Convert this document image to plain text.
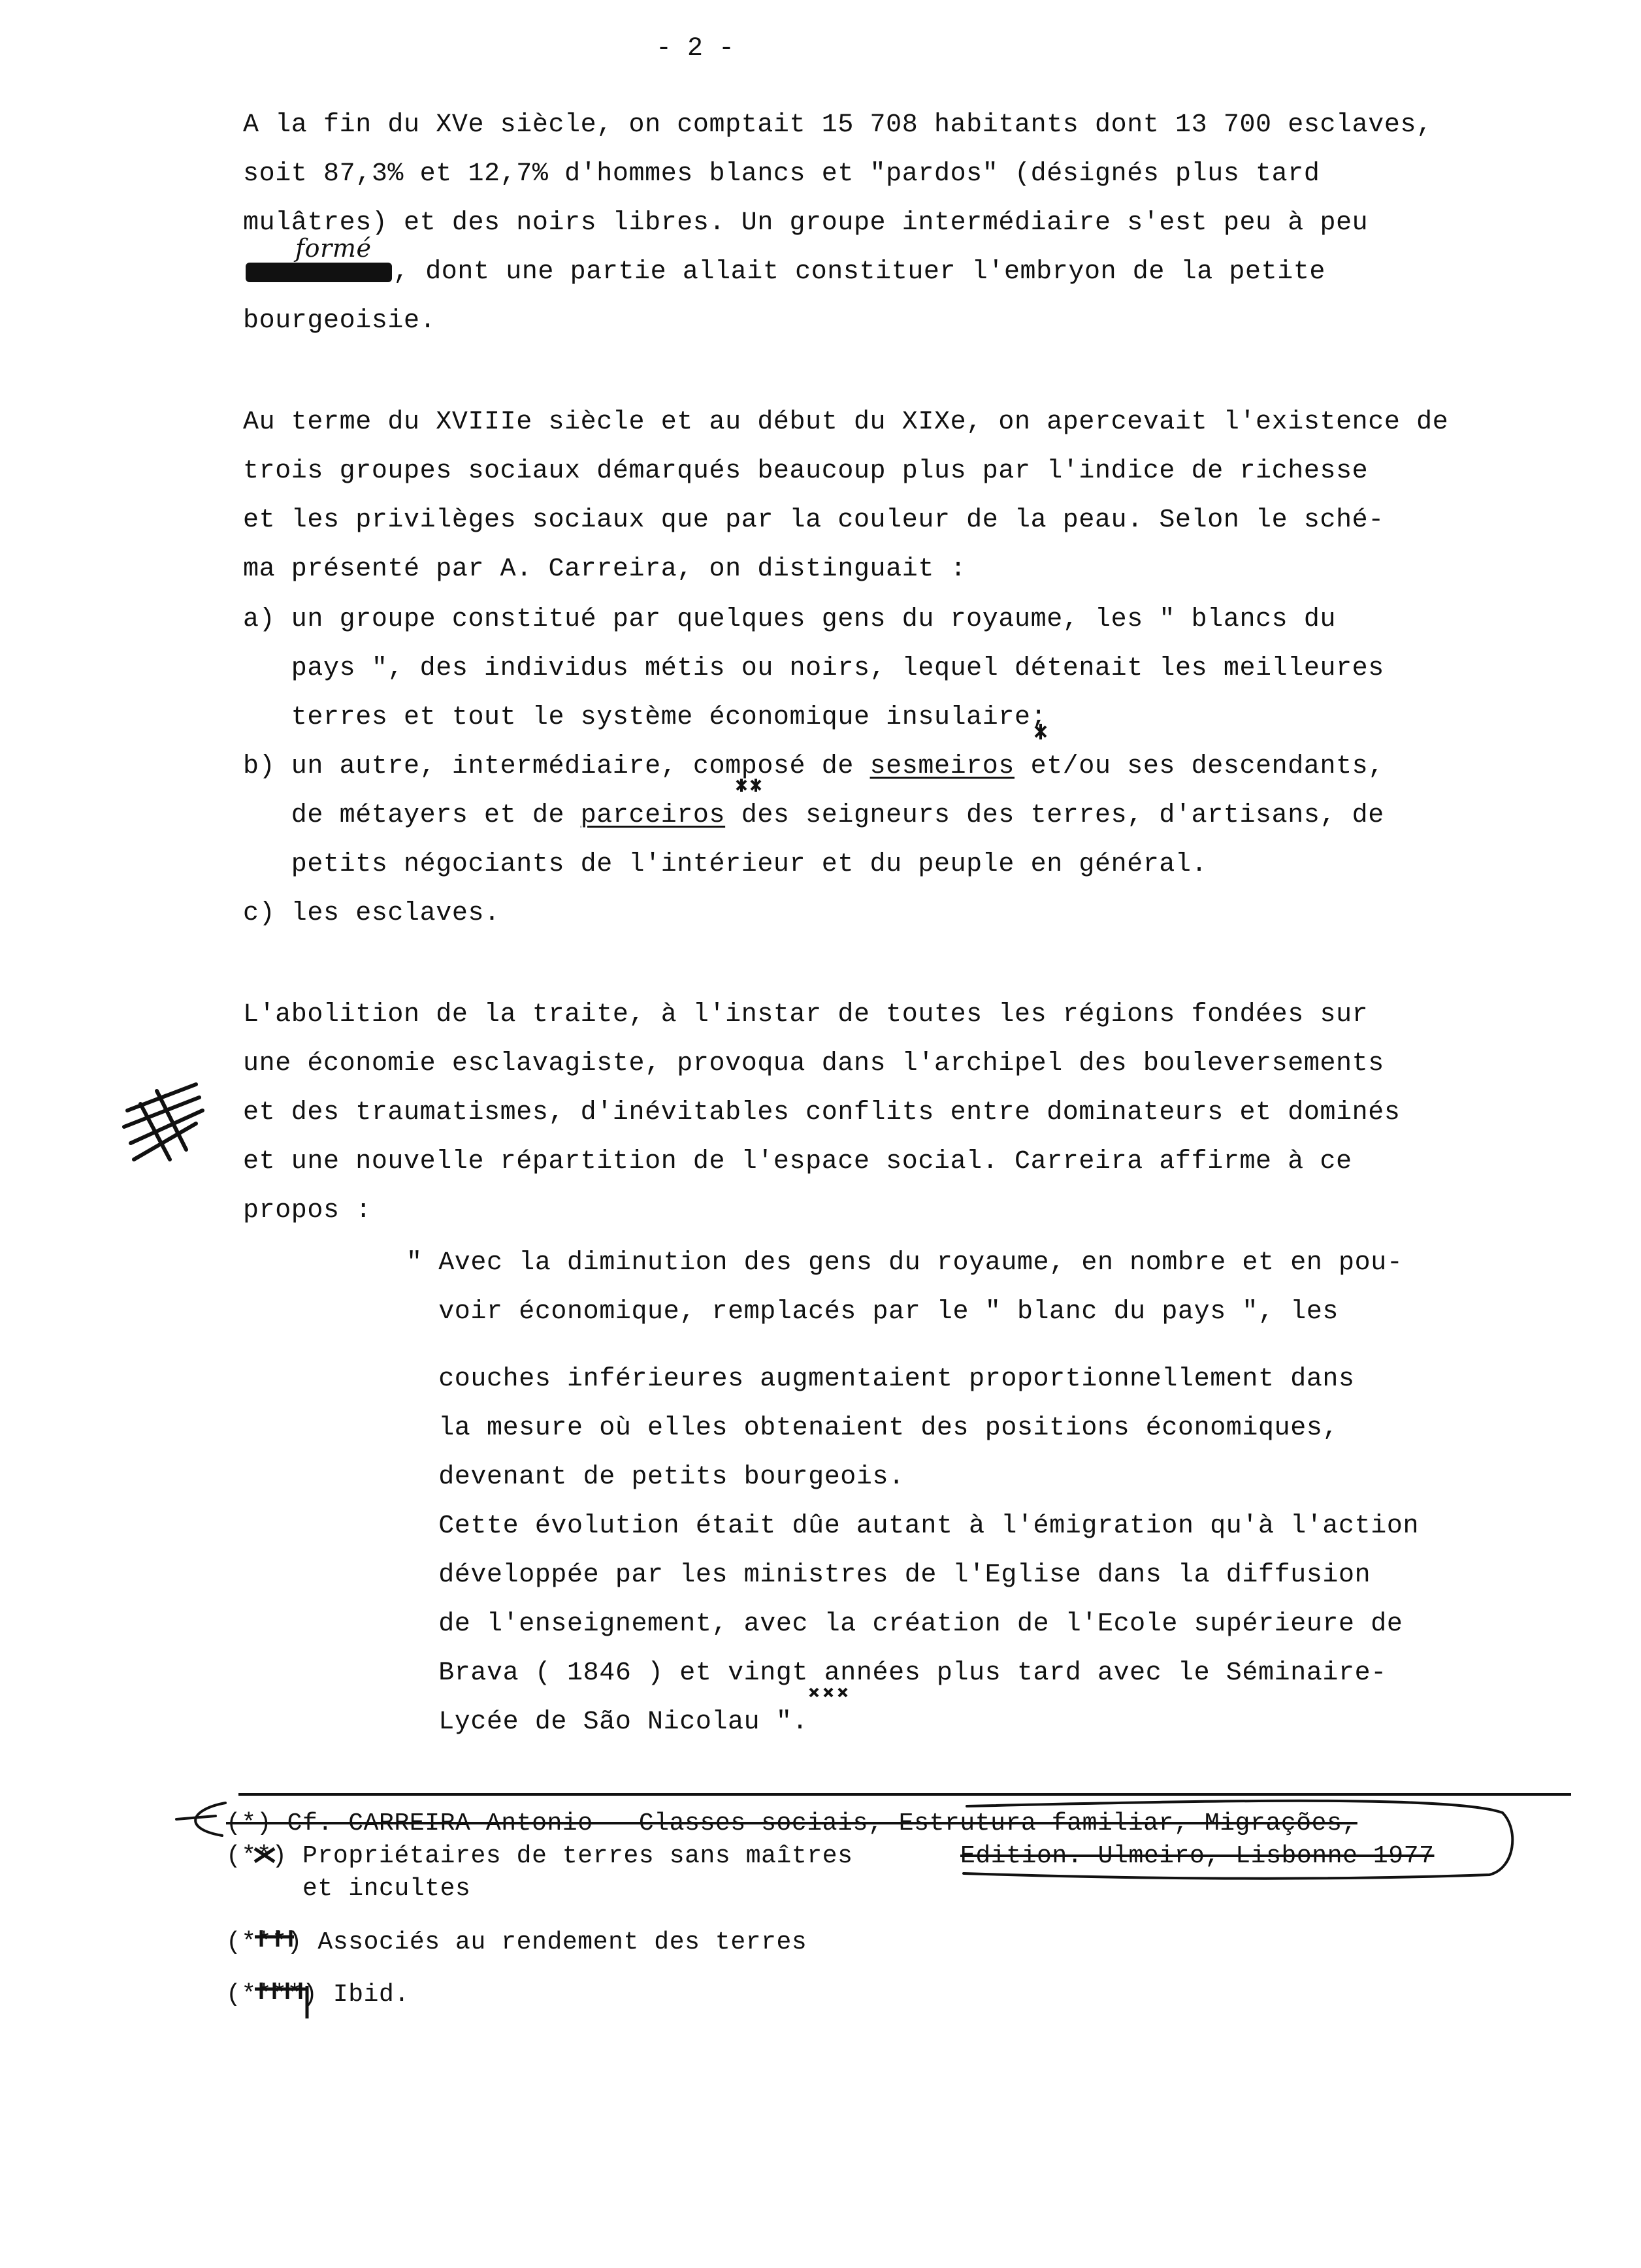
- 2 -
A la fin du XVe siècle, on comptait 15 708 habitants dont 13 700 esclaves,
soit 87,3% et 12,7% d'hommes blancs et "pardos" (désignés plus tard
mulâtres) et des noirs libres. Un groupe intermédiaire s'est peu à peu
formé
, dont une partie allait constituer l'embryon de la petite
bourgeoisie.
Au terme du XVIIIe siècle et au début du XIXe, on apercevait l'existence de
trois groupes sociaux démarqués beaucoup plus par l'indice de richesse
et les privilèges sociaux que par la couleur de la peau. Selon le sché-
ma présenté par A. Carreira, on distinguait :
a) un groupe constitué par quelques gens du royaume, les " blancs du
pays ", des individus métis ou noirs, lequel détenait les meilleures
terres et tout le système économique insulaire;
b) un autre, intermédiaire, composé de sesmeiros et/ou ses descendants,
de métayers et de parceiros des seigneurs des terres, d'artisans, de
petits négociants de l'intérieur et du peuple en général.
c) les esclaves.
L'abolition de la traite, à l'instar de toutes les régions fondées sur
une économie esclavagiste, provoqua dans l'archipel des bouleversements
et des traumatismes, d'inévitables conflits entre dominateurs et dominés
et une nouvelle répartition de l'espace social. Carreira affirme à ce
propos :
" Avec la diminution des gens du royaume, en nombre et en pou-
voir économique, remplacés par le " blanc du pays ", les
couches inférieures augmentaient proportionnellement dans
la mesure où elles obtenaient des positions économiques,
devenant de petits bourgeois.
Cette évolution était dûe autant à l'émigration qu'à l'action
développée par les ministres de l'Eglise dans la diffusion
de l'enseignement, avec la création de l'Ecole supérieure de
Brava ( 1846 ) et vingt années plus tard avec le Séminaire-
Lycée de São Nicolau ".
(*) Cf. CARREIRA Antonio - Classes sociais, Estrutura familiar, Migrações,
Edition. Ulmeiro, Lisbonne 1977
(**) Propriétaires de terres sans maîtres
et incultes
(***) Associés au rendement des terres
(****) Ibid.
